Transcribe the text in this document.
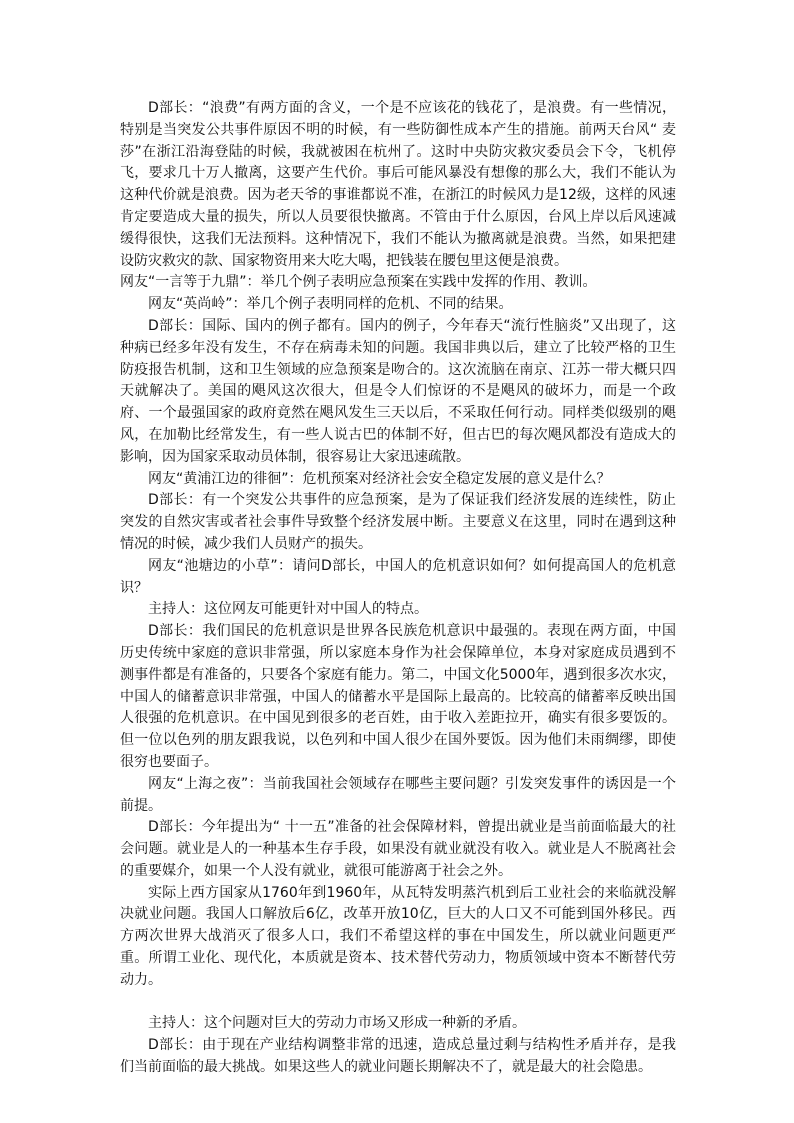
D部长：“浪费”有两方面的含义，一个是不应该花的钱花了，是浪费。有一些情况，特别是当突发公共事件原因不明的时候，有一些防御性成本产生的措施。前两天台风“ 麦莎”在浙江沿海登陆的时候，我就被困在杭州了。这时中央防灾救灾委员会下令，飞机停飞，要求几十万人撤离，这要产生代价。事后可能风暴没有想像的那么大，我们不能认为这种代价就是浪费。因为老天爷的事谁都说不准，在浙江的时候风力是12级，这样的风速肯定要造成大量的损失，所以人员要很快撤离。不管由于什么原因，台风上岸以后风速减缓得很快，这我们无法预料。这种情况下，我们不能认为撤离就是浪费。当然，如果把建设防灾救灾的款、国家物资用来大吃大喝，把钱装在腰包里这便是浪费。

网友“一言等于九鼎”：举几个例子表明应急预案在实践中发挥的作用、教训。

网友“英尚岭”：举几个例子表明同样的危机、不同的结果。

D部长：国际、国内的例子都有。国内的例子，今年春天“流行性脑炎”又出现了，这种病已经多年没有发生，不存在病毒未知的问题。我国非典以后，建立了比较严格的卫生防疫报告机制，这和卫生领域的应急预案是吻合的。这次流脑在南京、江苏一带大概只四天就解决了。美国的飓风这次很大，但是令人们惊讶的不是飓风的破坏力，而是一个政府、一个最强国家的政府竟然在飓风发生三天以后，不采取任何行动。同样类似级别的飓风，在加勒比经常发生，有一些人说古巴的体制不好，但古巴的每次飓风都没有造成大的影响，因为国家采取动员体制，很容易让大家迅速疏散。

网友“黄浦江边的徘徊”：危机预案对经济社会安全稳定发展的意义是什么？

D部长：有一个突发公共事件的应急预案，是为了保证我们经济发展的连续性，防止突发的自然灾害或者社会事件导致整个经济发展中断。主要意义在这里，同时在遇到这种情况的时候，减少我们人员财产的损失。

网友“池塘边的小草”：请问D部长，中国人的危机意识如何？如何提高国人的危机意识？

主持人：这位网友可能更针对中国人的特点。

D部长：我们国民的危机意识是世界各民族危机意识中最强的。表现在两方面，中国历史传统中家庭的意识非常强，所以家庭本身作为社会保障单位，本身对家庭成员遇到不测事件都是有准备的，只要各个家庭有能力。第二，中国文化5000年，遇到很多次水灾，中国人的储蓄意识非常强，中国人的储蓄水平是国际上最高的。比较高的储蓄率反映出国人很强的危机意识。在中国见到很多的老百姓，由于收入差距拉开，确实有很多要饭的。但一位以色列的朋友跟我说，以色列和中国人很少在国外要饭。因为他们未雨绸缪，即使很穷也要面子。

网友“上海之夜”：当前我国社会领域存在哪些主要问题？引发突发事件的诱因是一个前提。

D部长：今年提出为“ 十一五”准备的社会保障材料，曾提出就业是当前面临最大的社会问题。就业是人的一种基本生存手段，如果没有就业就没有收入。就业是人不脱离社会的重要媒介，如果一个人没有就业，就很可能游离于社会之外。

实际上西方国家从1760年到1960年，从瓦特发明蒸汽机到后工业社会的来临就没解决就业问题。我国人口解放后6亿，改革开放10亿，巨大的人口又不可能到国外移民。西方两次世界大战消灭了很多人口，我们不希望这样的事在中国发生，所以就业问题更严重。所谓工业化、现代化，本质就是资本、技术替代劳动力，物质领域中资本不断替代劳动力。

主持人：这个问题对巨大的劳动力市场又形成一种新的矛盾。

D部长：由于现在产业结构调整非常的迅速，造成总量过剩与结构性矛盾并存，是我们当前面临的最大挑战。如果这些人的就业问题长期解决不了，就是最大的社会隐患。
